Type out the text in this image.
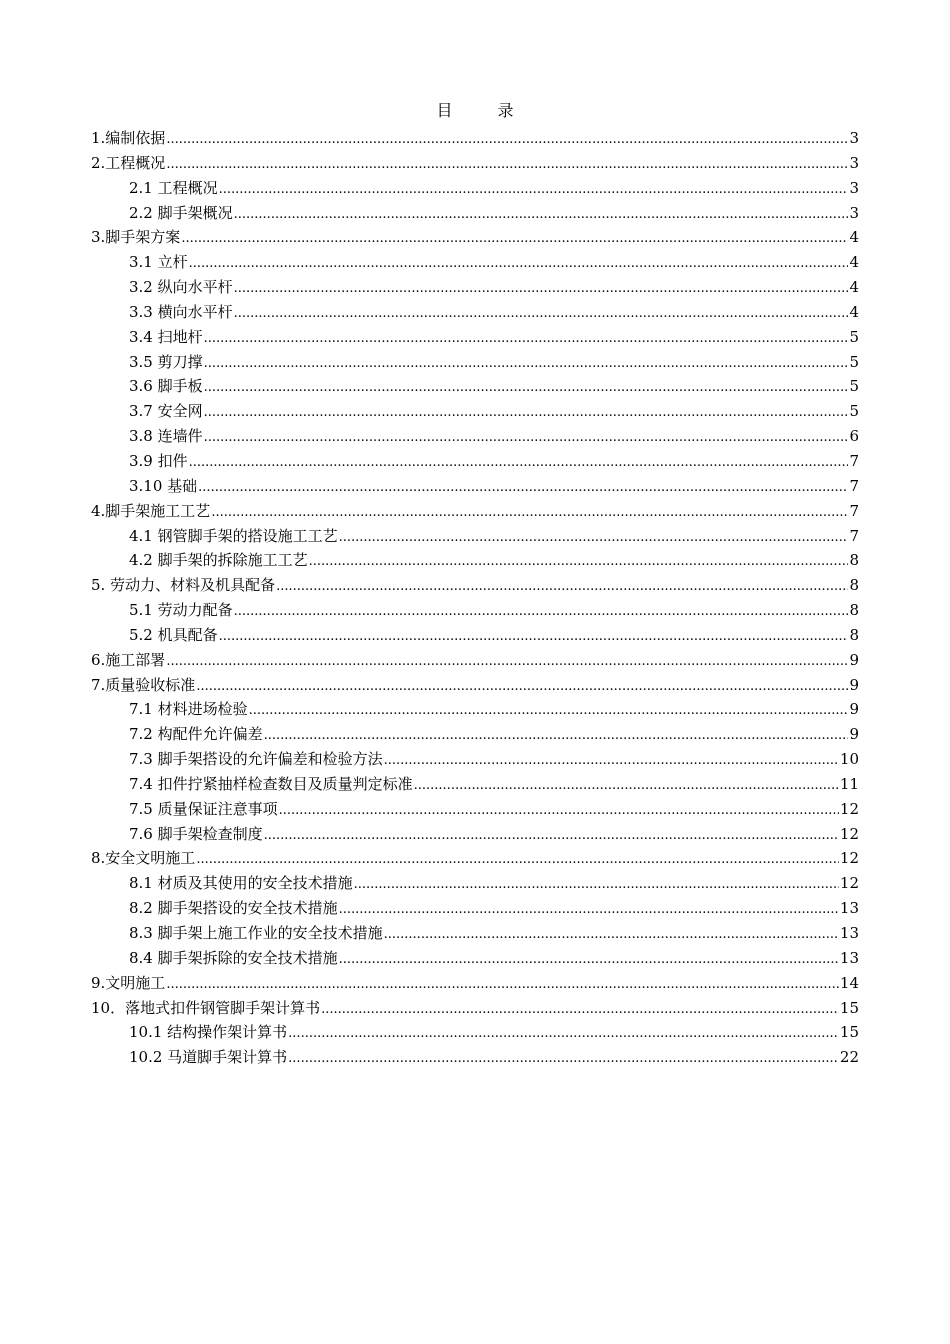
目 录
1.编制依据 .....	3
2.工程概况 .....	3
2.1 工程概况 .....	3
2.2 脚手架概况 .....	3
3.脚手架方案 .....	4
3.1 立杆 .....	4
3.2 纵向水平杆 .....	4
3.3 横向水平杆 .....	4
3.4 扫地杆 .....	5
3.5 剪刀撑 .....	5
3.6 脚手板 .....	5
3.7 安全网 .....	5
3.8 连墙件 .....	6
3.9 扣件 .....	7
3.10 基础 .....	7
4.脚手架施工工艺 .....	7
4.1 钢管脚手架的搭设施工工艺 .....	7
4.2 脚手架的拆除施工工艺 .....	8
5. 劳动力、材料及机具配备 .....	8
5.1 劳动力配备 .....	8
5.2 机具配备 .....	8
6.施工部署 .....	9
7.质量验收标准 .....	9
7.1 材料进场检验 .....	9
7.2 构配件允许偏差 .....	9
7.3 脚手架搭设的允许偏差和检验方法 .....	10
7.4 扣件拧紧抽样检查数目及质量判定标准 .....	11
7.5 质量保证注意事项 .....	12
7.6 脚手架检查制度 .....	12
8.安全文明施工 .....	12
8.1 材质及其使用的安全技术措施 .....	12
8.2 脚手架搭设的安全技术措施 .....	13
8.3 脚手架上施工作业的安全技术措施 .....	13
8.4 脚手架拆除的安全技术措施 .....	13
9.文明施工 .....	14
10．落地式扣件钢管脚手架计算书 .....	15
10.1 结构操作架计算书 .....	15
10.2 马道脚手架计算书 .....	22
